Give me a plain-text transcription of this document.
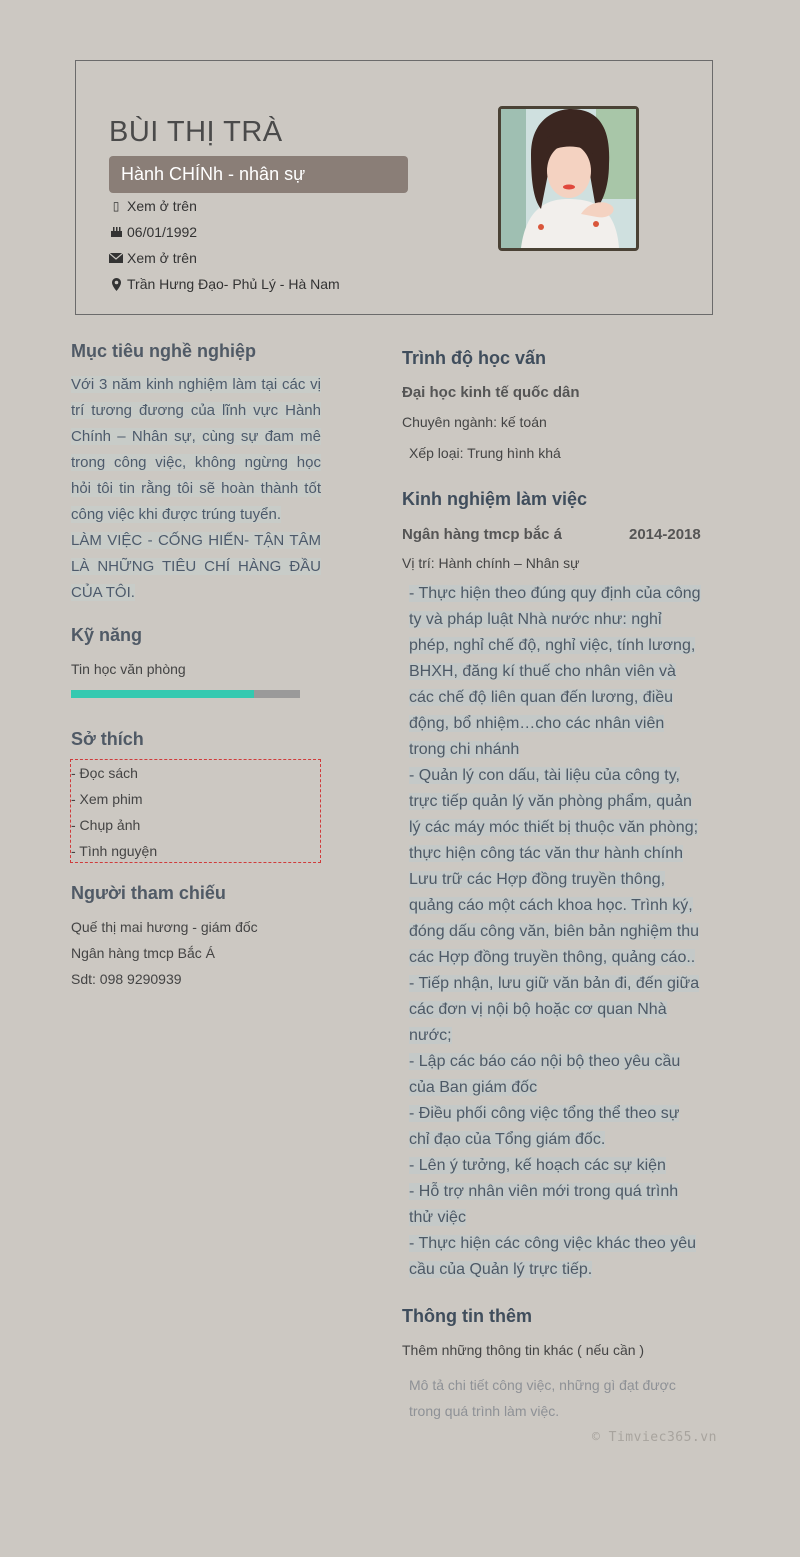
BÙI THỊ TRÀ
Hành CHÍNh - nhân sự
▯ Xem ở trên
06/01/1992
Xem ở trên
Trần Hưng Đạo- Phủ Lý - Hà Nam
Mục tiêu nghề nghiệp
Với 3 năm kinh nghiệm làm tại các vị trí tương đương của lĩnh vực Hành Chính – Nhân sự, cùng sự đam mê trong công việc, không ngừng học hỏi tôi tin rằng tôi sẽ hoàn thành tốt công việc khi được trúng tuyển.
LÀM VIỆC - CỐNG HIẾN- TẬN TÂM LÀ NHỮNG TIÊU CHÍ HÀNG ĐẦU CỦA TÔI.
Kỹ năng
Tin học văn phòng
Sở thích
- Đọc sách
- Xem phim
- Chụp ảnh
- Tình nguyện
Người tham chiếu
Quế thị mai hương - giám đốc
Ngân hàng tmcp Bắc Á
Sdt: 098 9290939
Trình độ học vấn
Đại học kinh tế quốc dân
Chuyên ngành: kế toán
Xếp loại: Trung hình khá
Kinh nghiệm làm việc
Ngân hàng tmcp bắc á	2014-2018
Vị trí: Hành chính – Nhân sự
- Thực hiện theo đúng quy định của công ty và pháp luật Nhà nước như: nghỉ phép, nghỉ chế độ, nghỉ việc, tính lương, BHXH, đăng kí thuế cho nhân viên và các chế độ liên quan đến lương, điều động, bổ nhiệm…cho các nhân viên trong chi nhánh
- Quản lý con dấu, tài liệu của công ty, trực tiếp quản lý văn phòng phẩm, quản lý các máy móc thiết bị thuộc văn phòng; thực hiện công tác văn thư hành chính Lưu trữ các Hợp đồng truyền thông, quảng cáo một cách khoa học. Trình ký, đóng dấu công văn, biên bản nghiệm thu các Hợp đồng truyền thông, quảng cáo..
- Tiếp nhận, lưu giữ văn bản đi, đến giữa các đơn vị nội bộ hoặc cơ quan Nhà nước;
- Lập các báo cáo nội bộ theo yêu cầu của Ban giám đốc
- Điều phối công việc tổng thể theo sự chỉ đạo của Tổng giám đốc.
- Lên ý tưởng, kế hoạch các sự kiện
- Hỗ trợ nhân viên mới trong quá trình thử việc
- Thực hiện các công việc khác theo yêu cầu của Quản lý trực tiếp.
Thông tin thêm
Thêm những thông tin khác ( nếu cần )
Mô tả chi tiết công việc, những gì đạt được trong quá trình làm việc.
© Timviec365.vn
